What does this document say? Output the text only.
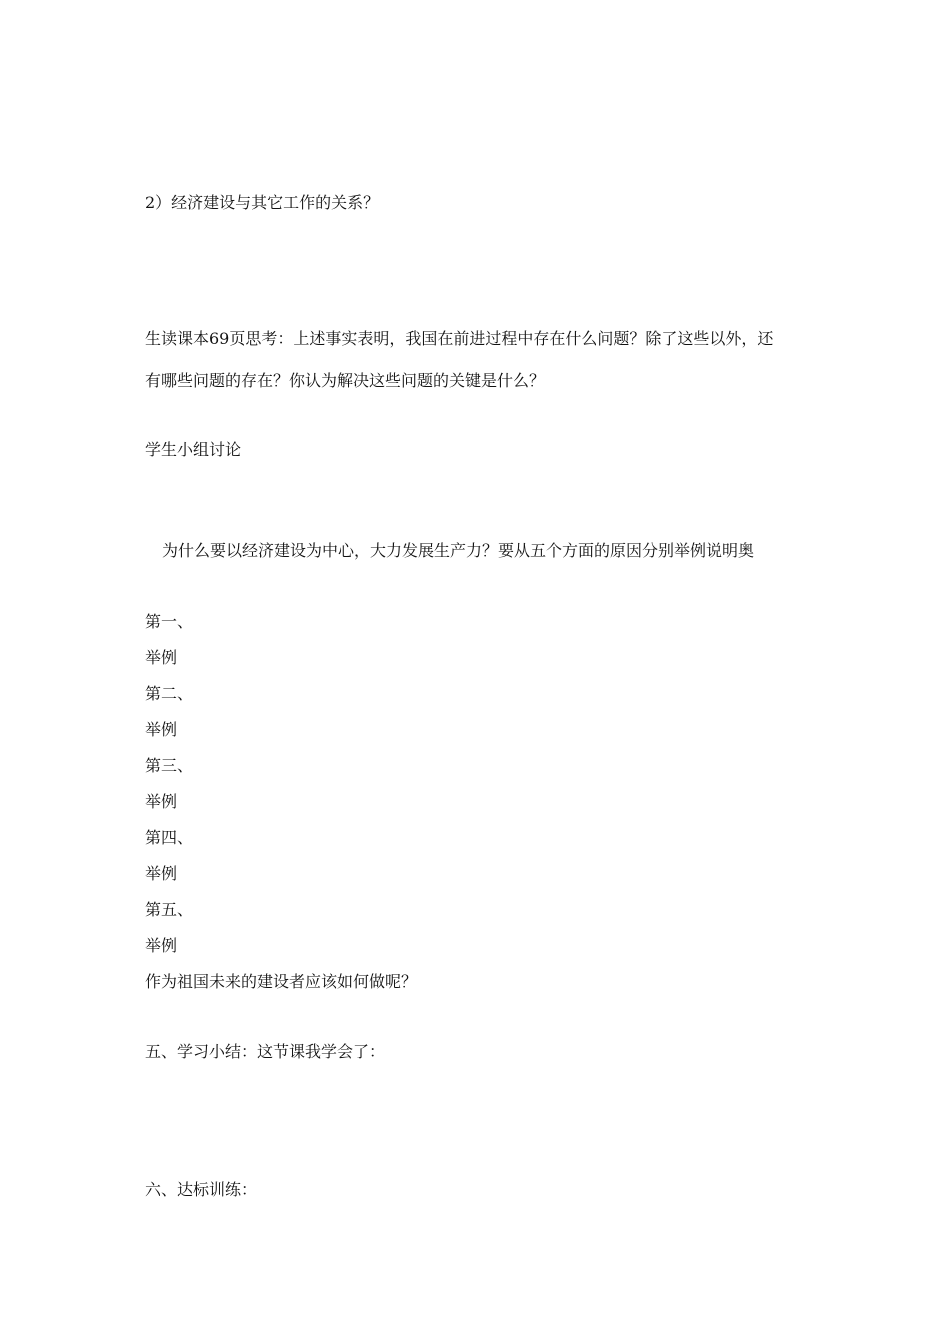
2）经济建设与其它工作的关系？
生读课本69页思考：上述事实表明，我国在前进过程中存在什么问题？除了这些以外，还
有哪些问题的存在？你认为解决这些问题的关键是什么？
学生小组讨论
为什么要以经济建设为中心，大力发展生产力？要从五个方面的原因分别举例说明奥
第一、
举例
第二、
举例
第三、
举例
第四、
举例
第五、
举例
作为祖国未来的建设者应该如何做呢？
五、学习小结：这节课我学会了：
六、达标训练：
